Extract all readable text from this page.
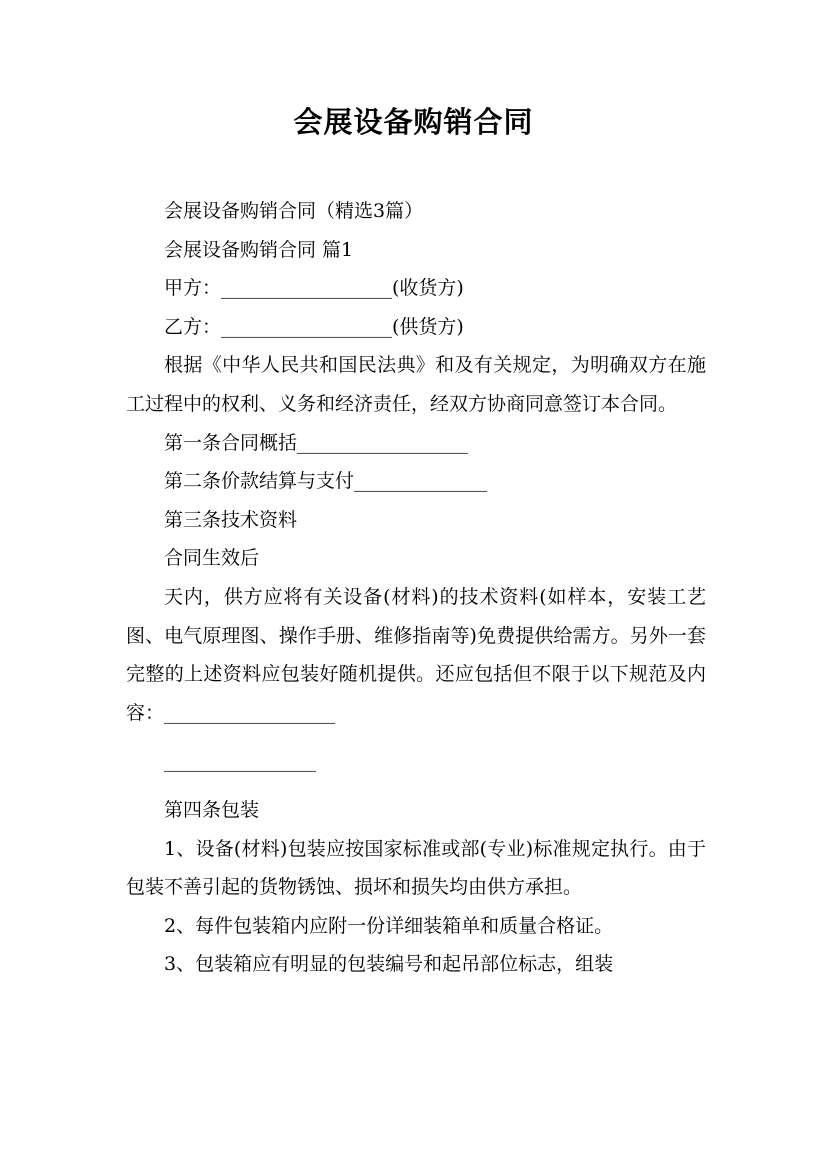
会展设备购销合同

会展设备购销合同（精选3篇）

会展设备购销合同 篇1

甲方：__________________(收货方)

乙方：__________________(供货方)

根据《中华人民共和国民法典》和及有关规定，为明确双方在施工过程中的权利、义务和经济责任，经双方协商同意签订本合同。

第一条合同概括__________________

第二条价款结算与支付______________

第三条技术资料

合同生效后

天内，供方应将有关设备(材料)的技术资料(如样本，安装工艺图、电气原理图、操作手册、维修指南等)免费提供给需方。另外一套完整的上述资料应包装好随机提供。还应包括但不限于以下规范及内容：__________________

________________

第四条包装

1、设备(材料)包装应按国家标准或部(专业)标准规定执行。由于包装不善引起的货物锈蚀、损坏和损失均由供方承担。

2、每件包装箱内应附一份详细装箱单和质量合格证。

3、包装箱应有明显的包装编号和起吊部位标志，组装
